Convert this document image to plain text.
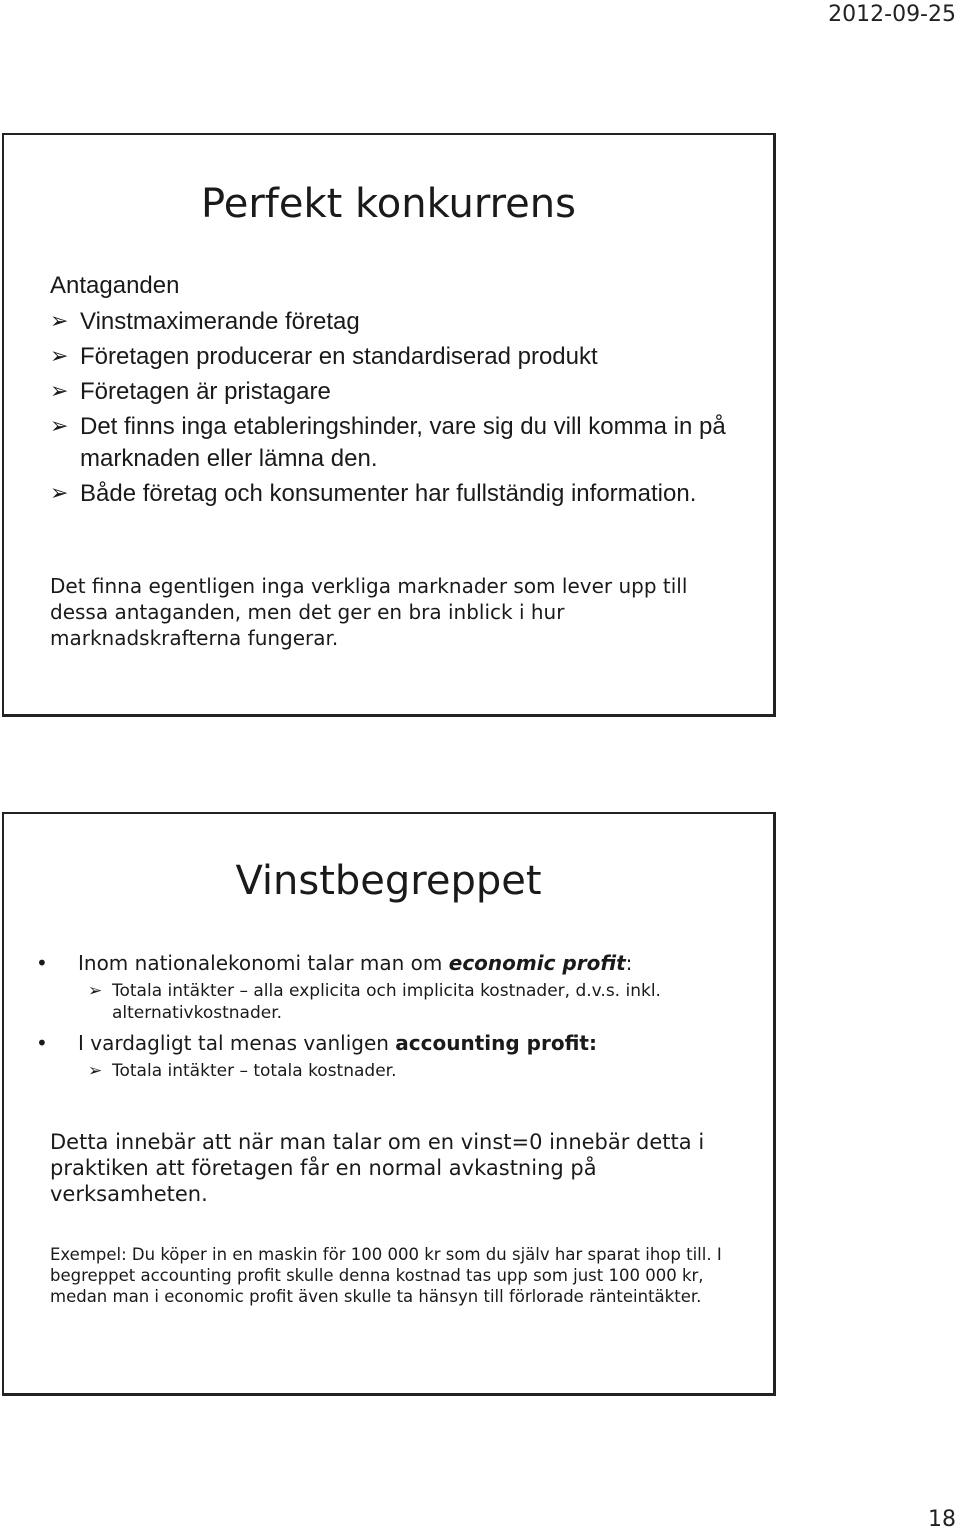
2012-09-25
Perfekt konkurrens

Antaganden

➢ Vinstmaximerande företag
➢ Företagen producerar en standardiserad produkt
➢ Företagen är pristagare
➢ Det finns inga etableringshinder, vare sig du vill komma in på marknaden eller lämna den.
➢ Både företag och konsumenter har fullständig information.

Det finna egentligen inga verkliga marknader som lever upp till dessa antaganden, men det ger en bra inblick i hur marknadskrafterna fungerar.

Vinstbegreppet
• Inom nationalekonomi talar man om economic profit:
➢ Totala intäkter – alla explicita och implicita kostnader, d.v.s. inkl. alternativkostnader.
• I vardagligt tal menas vanligen accounting profit:
➢ Totala intäkter – totala kostnader.

Detta innebär att när man talar om en vinst=0 innebär detta i praktiken att företagen får en normal avkastning på verksamheten.

Exempel: Du köper in en maskin för 100 000 kr som du själv har sparat ihop till. I begreppet accounting profit skulle denna kostnad tas upp som just 100 000 kr, medan man i economic profit även skulle ta hänsyn till förlorade ränteintäkter.

18
